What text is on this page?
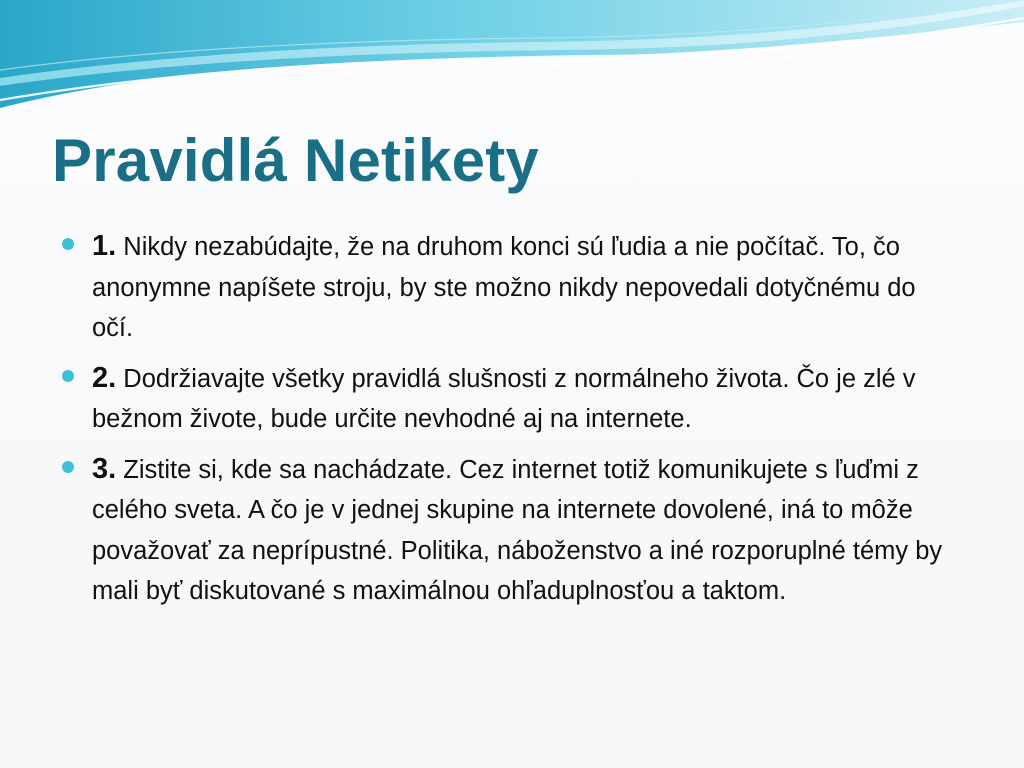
Pravidlá Netikety
1. Nikdy nezabúdajte, že na druhom konci sú ľudia a nie počítač. To, čo anonymne napíšete stroju, by ste možno nikdy nepovedali dotyčnému do očí.
2. Dodržiavajte všetky pravidlá slušnosti z normálneho života. Čo je zlé v bežnom živote, bude určite nevhodné aj na internete.
3. Zistite si, kde sa nachádzate. Cez internet totiž komunikujete s ľuďmi z celého sveta. A čo je v jednej skupine na internete dovolené, iná to môže považovať za neprípustné. Politika, náboženstvo a iné rozporuplné témy by mali byť diskutované s maximálnou ohľaduplnosťou a taktom.
